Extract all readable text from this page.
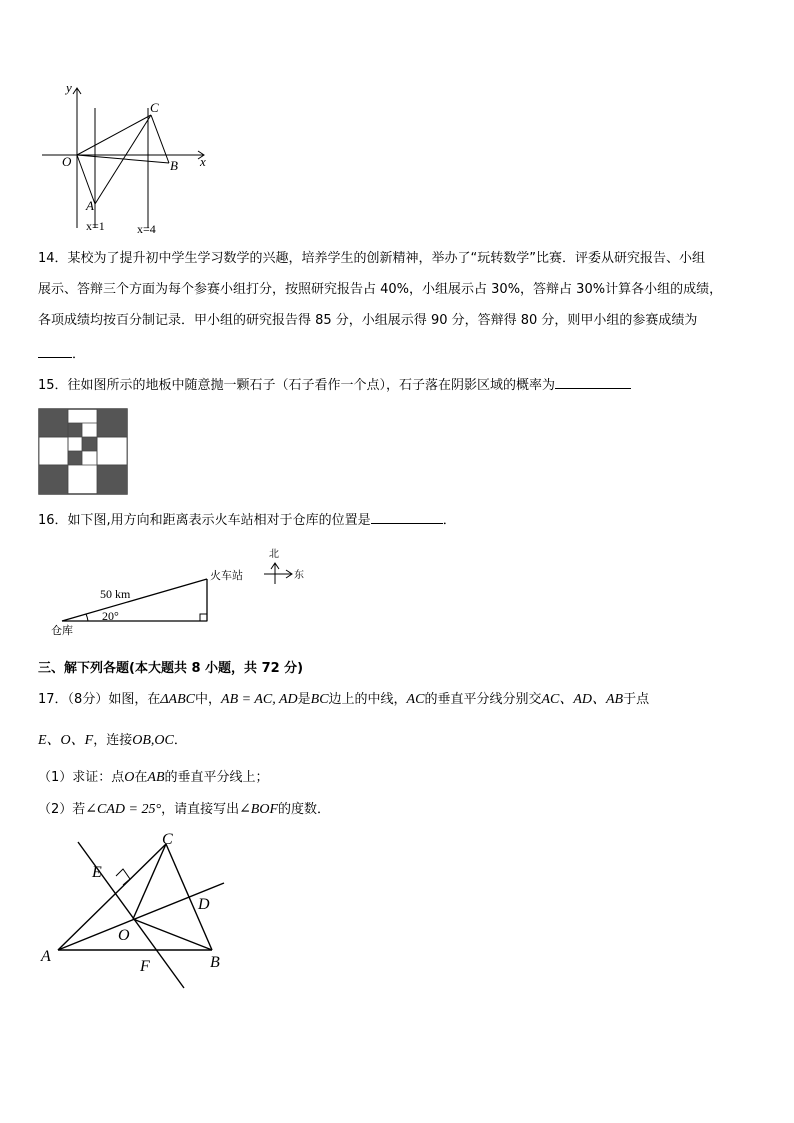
y
x
O
A
B
C
x=1	x=4
14．某校为了提升初中学生学习数学的兴趣，培养学生的创新精神，举办了“玩转数学”比赛．评委从研究报告、小组
展示、答辩三个方面为每个参赛小组打分，按照研究报告占 40%，小组展示占 30%，答辩占 30%计算各小组的成绩，
各项成绩均按百分制记录．甲小组的研究报告得 85 分，小组展示得 90 分，答辩得 80 分，则甲小组的参赛成绩为
．
15．往如图所示的地板中随意抛一颗石子（石子看作一个点），石子落在阴影区域的概率为
16．如下图,用方向和距离表示火车站相对于仓库的位置是	．
50 km
20°
仓库
火车站
北
东
三、解下列各题(本大题共 8 小题，共 72 分)
17．（8分）如图，在ΔABC中，AB = AC, AD是BC边上的中线，AC的垂直平分线分别交AC、AD、AB于点
E、O、F，连接OB,OC．
（1）求证：点O在AB的垂直平分线上；
（2）若∠CAD = 25°，请直接写出∠BOF的度数．
A	B
C
D
E
F
O
